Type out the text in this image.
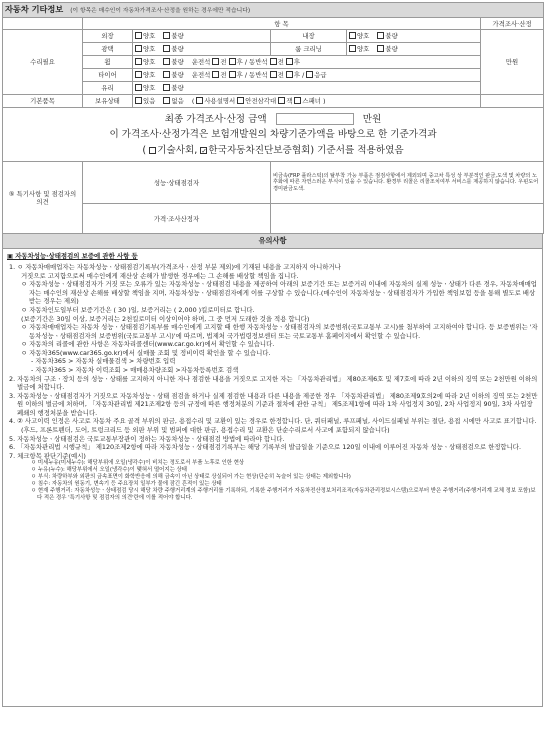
자동차 기타정보 (이 항목은 매수인이 자동차가격조사·산정을 원하는 경우에만 적습니다)					
	항 목				가격조사·산정
수리필요	외장	양호 불량	내장	양호 불량	만원
	광택	양호 불량	룸 크리닝	양호 불량	
	휠	양호 불량 운전석 전 후 / 동반석 전 후			
	타이어	양호 불량 운전석 전 후 / 동반석 전 후 / 응급			
	유리	양호 불량			
기본품목	보유상태	있음 없음 ( 사용설명서 안전삼각대 잭 스패너 )			

최종 가격조사·산정 금액 만원
이 가격조사·산정가격은 보험개발원의 차량기준가액을 바탕으로 한 기준가격과
( 기술사회, ✓ 한국자동차진단보증협회) 기준서를 적용하였음

⑤ 특기사항 및 점검자의 의견	성능·상태점검자		비금속(FRP 플라스틱)의 탈부착 가능 부품은 점검사항에서 제외되며 중고차 특성 상 부분적인 판금,도색 및 차량의 노후화에 따른 자연스러운 부식이 있을 수 있습니다. 환경부 리콜은 리콜조치여부 서비스를 제공하지 않습니다. 우핀도어 경미판금도색.		
	가격·조사산정자				
유의사항
▣ 자동차성능·상태점검의 보증에 관한 사항 등

1. ㅇ 자동차매매업자는 자동차성능ㆍ상태점검기록부(가격조사ㆍ산정 부분 제외)에 기재된 내용을 고지하지 아니하거나

거짓으로 고지함으로써 매수인에게 재산상 손해가 발생한 경우에는 그 손해를 배상할 책임을 집니다.

ㅇ 자동차성능ㆍ상태점검자가 거짓 또는 오류가 있는 자동차성능ㆍ상태점검 내용을 제공하여 아래의 보증기간 또는 보증거리 이내에 자동차의 실제 성능ㆍ상태가 다른 경우, 자동차매매업자는 매수인의 재산상 손해를 배상할 책임을 지며, 자동차성능ㆍ상태점검자에게 이를 구상할 수 있습니다.(매수인이 자동차성능ㆍ상태점검자가 가입한 책임보험 등을 통해 별도로 배상받는 경우는 제외)

ㅇ 자동차인도일부터 보증기간은 ( 30 )일, 보증거리는 ( 2,000 )킬로미터로 합니다.

(보증기간은 30일 이상, 보증거리는 2천킬로미터 이상이어야 하며, 그 중 먼저 도래한 것을 적용 합니다)

ㅇ 자동차매매업자는 자동차 성능ㆍ상태점검기록부를 매수인에게 고지할 때 한행 자동차성능ㆍ상태점검자의 보증범위(국토교통부 고시)를 첨부하여 고지하여야 합니다. 등 보증범위는 '자동차성능ㆍ상태점검자의 보증범위(국토교통부 고시)'에 따르며, 법제처 국가법령정보센터 또는 국토교통부 홈페이지에서 확인할 수 있습니다.

ㅇ 자동차의 리콜에 관한 사항은 자동차리콜센터(www.car.go.kr)에서 확인할 수 있습니다.

ㅇ 자동차365(www.car365.go.kr)에서 실매물 조회 및 정비이력 확인을 할 수 있습니다.

- 자동차365 > 자동차 실매물검색 > 차량번호 입력

- 자동차365 > 자동차 이력조회 > 매매용차량조회 >자동차등록번호 검색

2. 자동차의 구조ㆍ장치 등의 성능ㆍ상태를 고지하지 아니한 자나 점검한 내용을 거짓으로 고지한 자는 「자동차관리법」 제80조제6호 및 제7호에 따라 2년 이하의 징역 또는 2천만원 이하의 벌금에 처합니다.

3. 자동차성능ㆍ상태점검자가 거짓으로 자동차성능ㆍ상태 점검을 하거나 실제 점검한 내용과 다른 내용을 제공한 경우 「자동차관리법」 제80조제9호의2에 따라 2년 이하의 징역 또는 2천만원 이하의 벌금에 처하며, 「자동차관리법 제21조제2항 등의 규정에 따른 행정처분의 기준과 절차에 관한 규칙」 제5조제1항에 따라 1차 사업정지 30일, 2차 사업정지 90일, 3차 사업장 폐쇄의 행정처분을 받습니다.

4. ② 사고이력 인정은 사고로 자동차 주요 골격 부위의 판금, 용접수리 및 교환이 있는 경우로 한정합니다. 단, 쿼터패널, 루프패널, 사이드실패널 부위는 절단, 용접 시에만 사고로 표기합니다.

(후드, 프론트펜더, 도어, 트렁크리드 등 외판 부위 및 범퍼에 대한 판금, 용접수리 및 교환은 단순수리로서 사고에 포함되지 않습니다)

5. 자동차성능ㆍ상태점검은 국토교통부장관이 정하는 자동차성능ㆍ상태점검 방법에 따라야 합니다.

6. 「자동차관리법 시행규칙」 제120조제2항에 따라 자동차성능ㆍ상태점검기록부는 해당 기록부의 발급일을 기준으로 120일 이내에 이루어진 자동차 성능ㆍ상태점검으로 한정합니다.

7. 체크항목 판단기준(예시)

ㅇ 미세누유(미세누수): 해당부위에 오일(냉각수)이 비치는 정도로서 부품 노후로 인한 현상

ㅇ 누유(누수): 해당부위에서 오일(냉각수)이 맺혀서 떨어지는 상태

ㅇ 부식: 차량하부와 외판의 금속표면이 화학반응에 의해 금속이 아닌 상태로 상실되어 가는 현상(단순히 녹슬어 있는 상태는 제외합니다)

ㅇ 침수: 자동차의 원동기, 변속기 등 주요장치 일부가 물에 잠긴 흔적이 있는 상태

ㅇ 현재 주행거리: 자동차성능ㆍ상태점검 당시 해당 차량 주행거리계의 주행거리를 기록하되, 기록한 주행거리가 자동차전산정보처리조직(자동차관리정보시스템)으로부터 받은 주행거리(주행거리계 교체 정보 포함)보다 적은 경우 '특기사항 및 점검자의 의견'란에 이를 적어야 합니다.
